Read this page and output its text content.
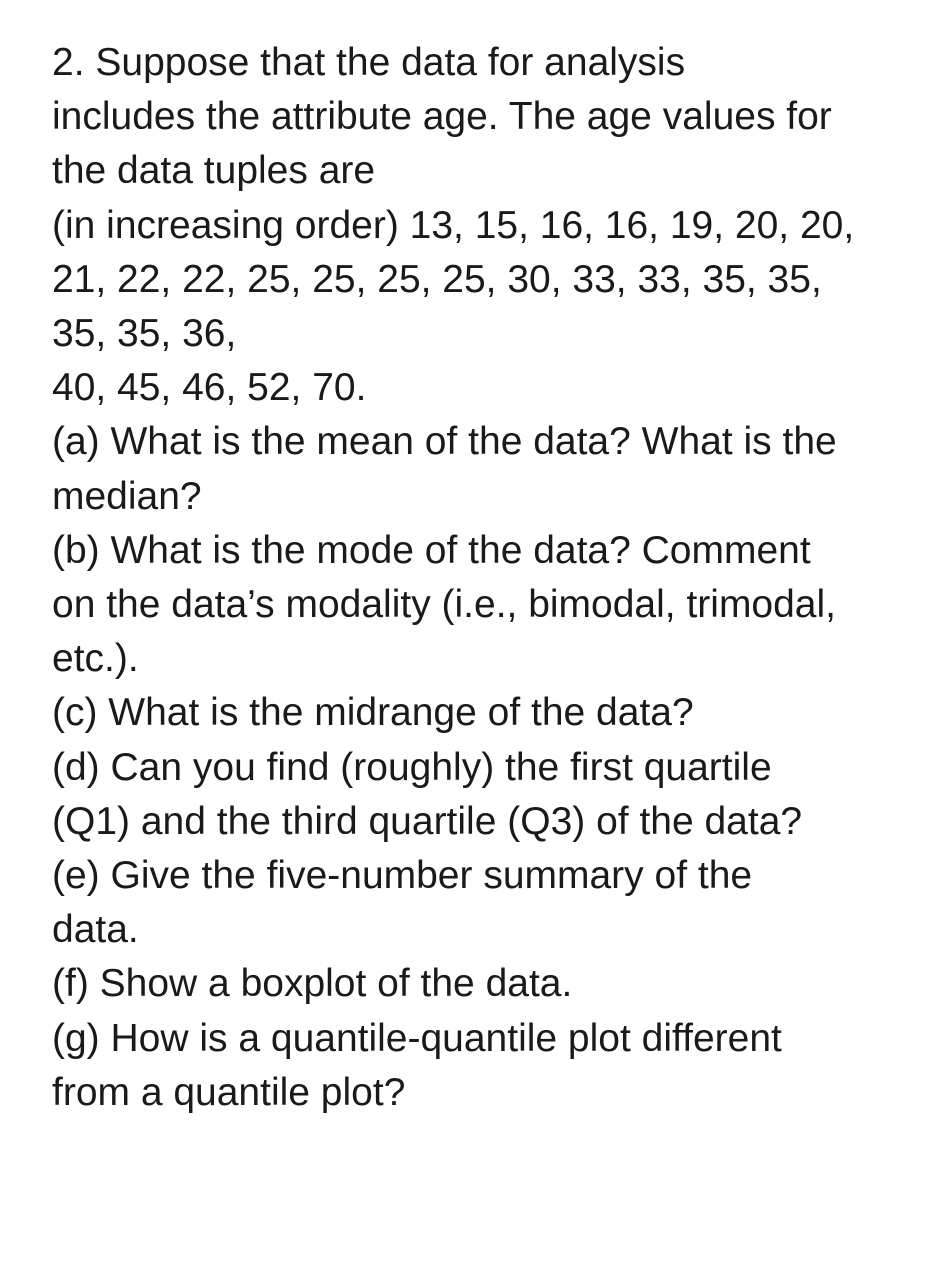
2. Suppose that the data for analysis
includes the attribute age. The age values for
the data tuples are
(in increasing order) 13, 15, 16, 16, 19, 20, 20,
21, 22, 22, 25, 25, 25, 25, 30, 33, 33, 35, 35,
35, 35, 36,
40, 45, 46, 52, 70.
(a) What is the mean of the data? What is the
median?
(b) What is the mode of the data? Comment
on the data’s modality (i.e., bimodal, trimodal,
etc.).
(c) What is the midrange of the data?
(d) Can you find (roughly) the first quartile
(Q1) and the third quartile (Q3) of the data?
(e) Give the five-number summary of the
data.
(f) Show a boxplot of the data.
(g) How is a quantile-quantile plot different
from a quantile plot?
